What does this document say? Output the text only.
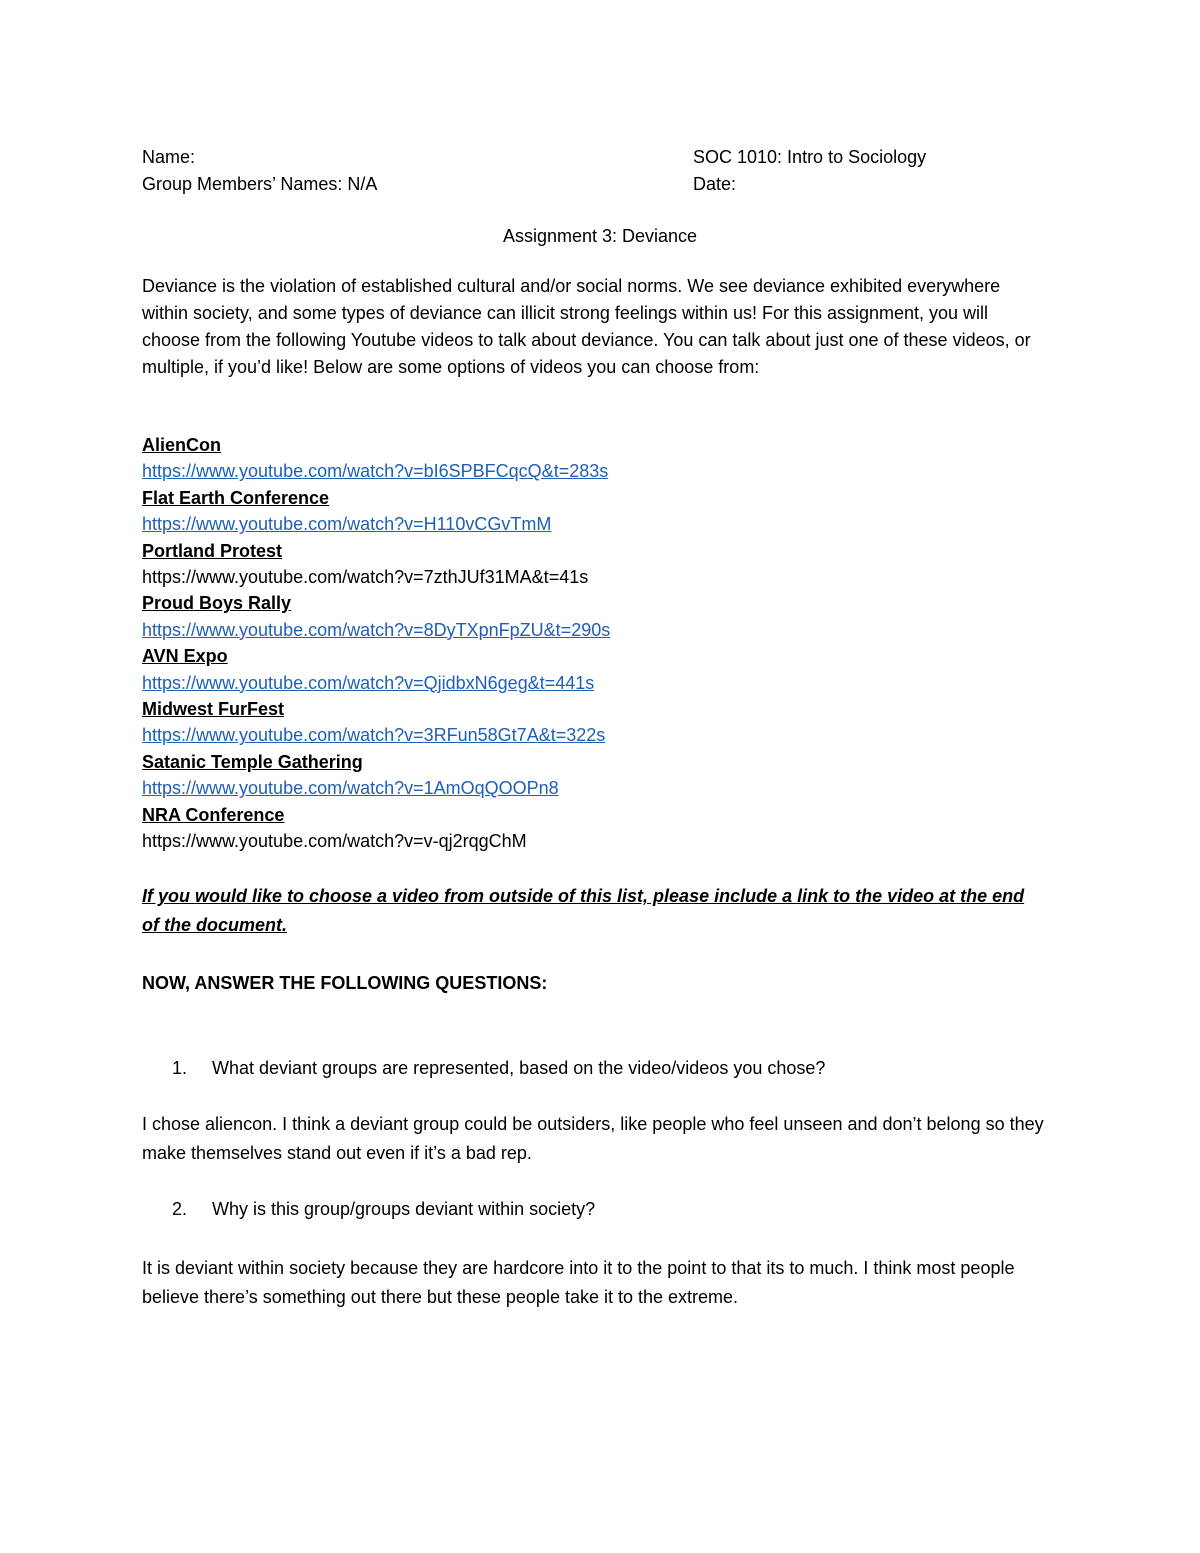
Name:
Group Members’ Names: N/A
SOC 1010: Intro to Sociology
Date:
Assignment 3: Deviance
Deviance is the violation of established cultural and/or social norms. We see deviance exhibited everywhere within society, and some types of deviance can illicit strong feelings within us! For this assignment, you will choose from the following Youtube videos to talk about deviance. You can talk about just one of these videos, or multiple, if you’d like! Below are some options of videos you can choose from:
AlienCon
https://www.youtube.com/watch?v=bI6SPBFCqcQ&t=283s
Flat Earth Conference
https://www.youtube.com/watch?v=H110vCGvTmM
Portland Protest
https://www.youtube.com/watch?v=7zthJUf31MA&t=41s
Proud Boys Rally
https://www.youtube.com/watch?v=8DyTXpnFpZU&t=290s
AVN Expo
https://www.youtube.com/watch?v=QjidbxN6geg&t=441s
Midwest FurFest
https://www.youtube.com/watch?v=3RFun58Gt7A&t=322s
Satanic Temple Gathering
https://www.youtube.com/watch?v=1AmOqQOOPn8
NRA Conference
https://www.youtube.com/watch?v=v-qj2rqgChM
If you would like to choose a video from outside of this list, please include a link to the video at the end of the document.
NOW, ANSWER THE FOLLOWING QUESTIONS:
1. What deviant groups are represented, based on the video/videos you chose?
I chose aliencon. I think a deviant group could be outsiders, like people who feel unseen and don’t belong so they make themselves stand out even if it’s a bad rep.
2. Why is this group/groups deviant within society?
It is deviant within society because they are hardcore into it to the point to that its to much. I think most people believe there’s something out there but these people take it to the extreme.
